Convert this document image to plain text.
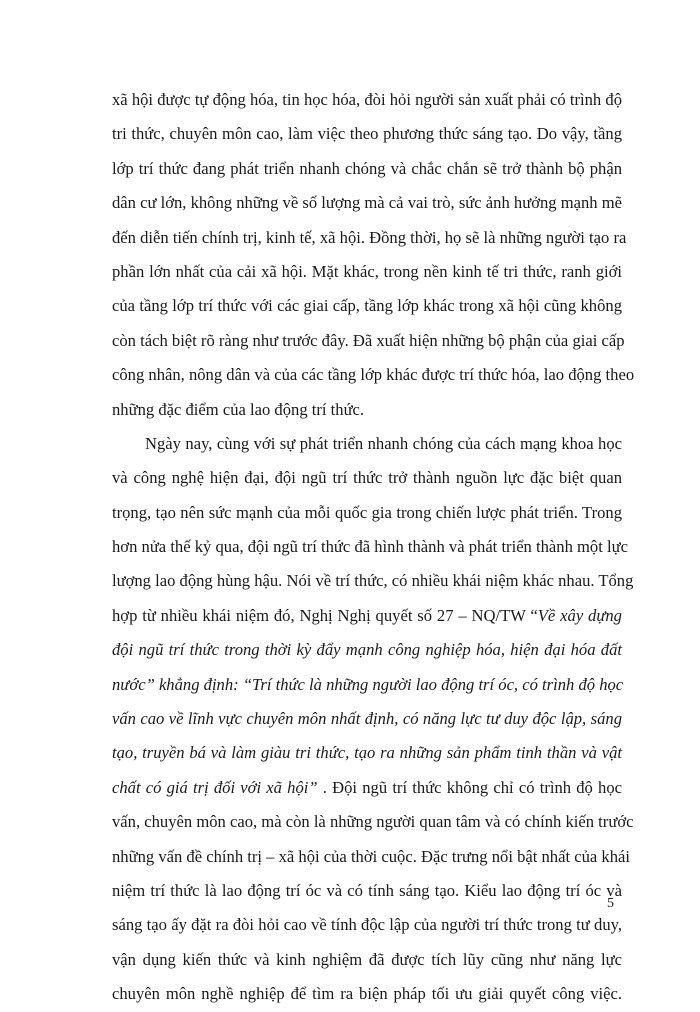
xã hội được tự động hóa, tin học hóa, đòi hỏi người sản xuất phải có trình độ
tri thức, chuyên môn cao, làm việc theo phương thức sáng tạo. Do vậy, tầng
lớp trí thức đang phát triển nhanh chóng và chắc chắn sẽ trở thành bộ phận
dân cư lớn, không những về số lượng mà cả vai trò, sức ảnh hưởng mạnh mẽ
đến diễn tiến chính trị, kinh tế, xã hội. Đồng thời, họ sẽ là những người tạo ra
phần lớn nhất của cải xã hội. Mặt khác, trong nền kinh tế tri thức, ranh giới
của tầng lớp trí thức với các giai cấp, tầng lớp khác trong xã hội cũng không
còn tách biệt rõ ràng như trước đây. Đã xuất hiện những bộ phận của giai cấp
công nhân, nông dân và của các tầng lớp khác được trí thức hóa, lao động theo
những đặc điểm của lao động trí thức.
Ngày nay, cùng với sự phát triển nhanh chóng của cách mạng khoa học
và công nghệ hiện đại, đội ngũ trí thức trở thành nguồn lực đặc biệt quan
trọng, tạo nên sức mạnh của mỗi quốc gia trong chiến lược phát triển. Trong
hơn nửa thế kỷ qua, đội ngũ trí thức đã hình thành và phát triển thành một lực
lượng lao động hùng hậu. Nói về trí thức, có nhiều khái niệm khác nhau. Tổng
hợp từ nhiều khái niệm đó, Nghị Nghị quyết số 27 – NQ/TW “Về xây dựng
đội ngũ trí thức trong thời kỳ đẩy mạnh công nghiệp hóa, hiện đại hóa đất
nước” khẳng định: “Trí thức là những người lao động trí óc, có trình độ học
vấn cao về lĩnh vực chuyên môn nhất định, có năng lực tư duy độc lập, sáng
tạo, truyền bá và làm giàu tri thức, tạo ra những sản phẩm tinh thần và vật
chất có giá trị đối với xã hội” . Đội ngũ trí thức không chỉ có trình độ học
vấn, chuyên môn cao, mà còn là những người quan tâm và có chính kiến trước
những vấn đề chính trị – xã hội của thời cuộc. Đặc trưng nổi bật nhất của khái
niệm trí thức là lao động trí óc và có tính sáng tạo. Kiểu lao động trí óc và
sáng tạo ấy đặt ra đòi hỏi cao về tính độc lập của người trí thức trong tư duy,
vận dụng kiến thức và kinh nghiệm đã được tích lũy cũng như năng lực
chuyên môn nghề nghiệp để tìm ra biện pháp tối ưu giải quyết công việc.
5
